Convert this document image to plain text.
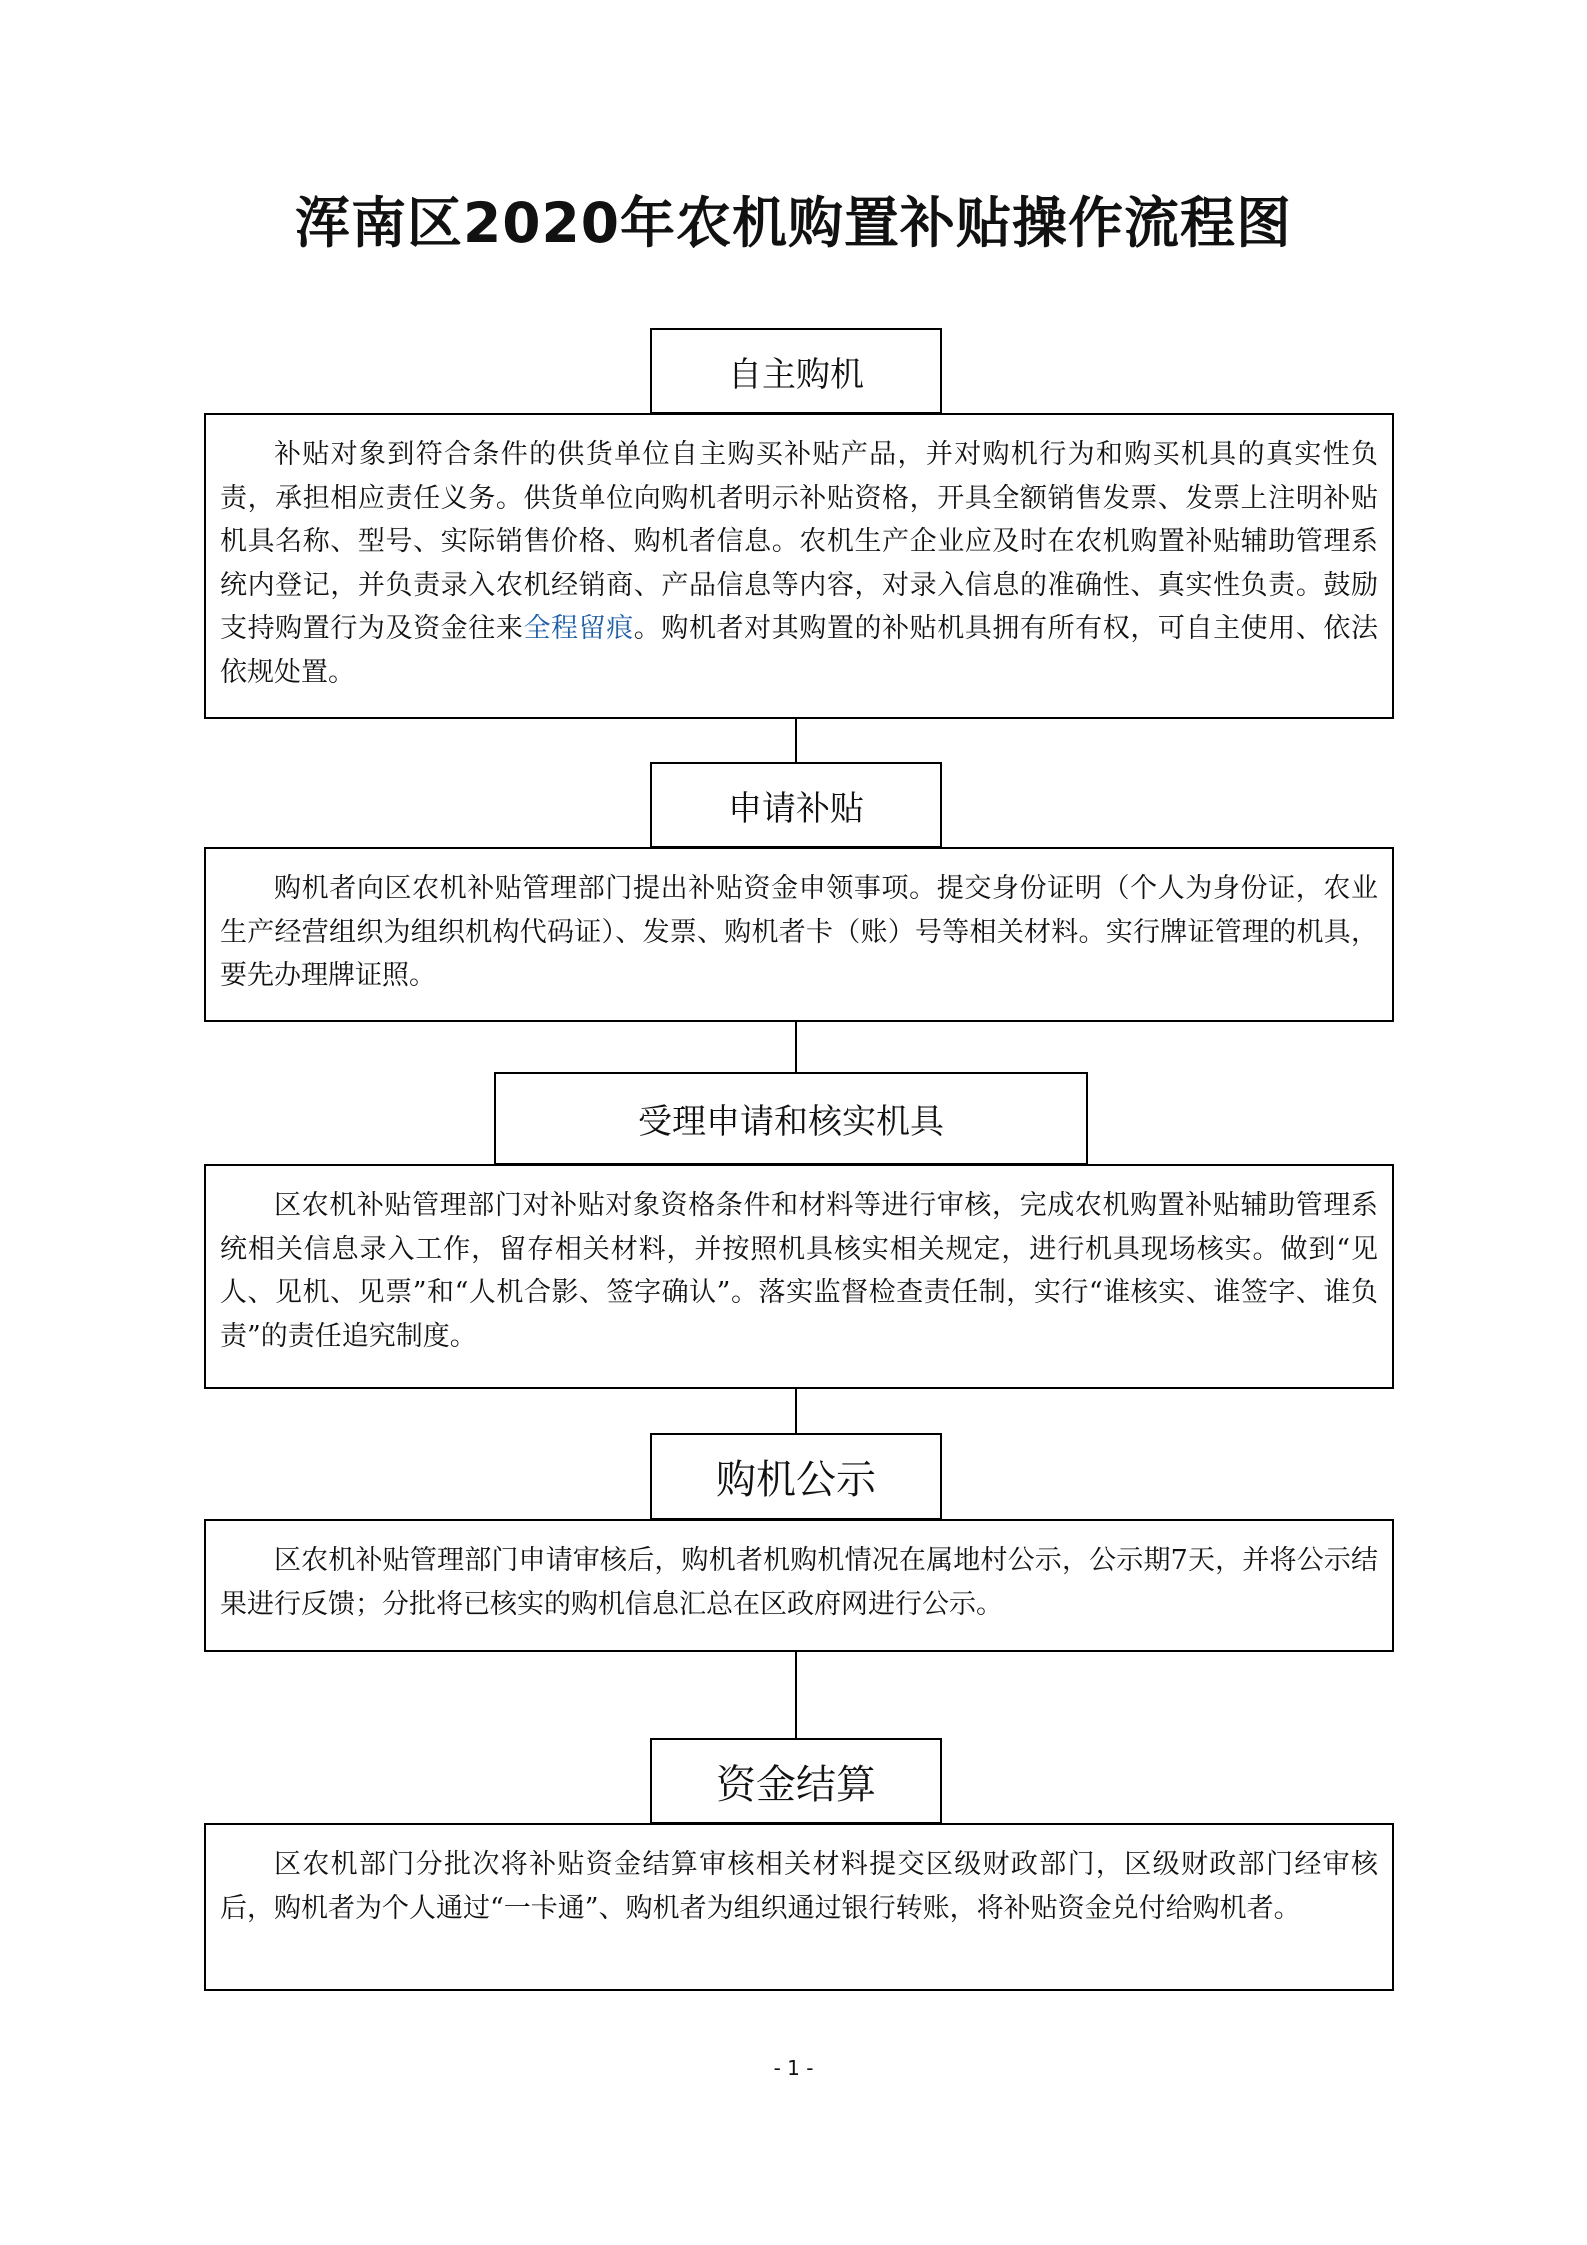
浑南区2020年农机购置补贴操作流程图
自主购机

补贴对象到符合条件的供货单位自主购买补贴产品，并对购机行为和购买机具的真实性负责，承担相应责任义务。供货单位向购机者明示补贴资格，开具全额销售发票、发票上注明补贴机具名称、型号、实际销售价格、购机者信息。农机生产企业应及时在农机购置补贴辅助管理系统内登记，并负责录入农机经销商、产品信息等内容，对录入信息的准确性、真实性负责。鼓励支持购置行为及资金往来全程留痕。购机者对其购置的补贴机具拥有所有权，可自主使用、依法依规处置。

申请补贴

购机者向区农机补贴管理部门提出补贴资金申领事项。提交身份证明（个人为身份证，农业生产经营组织为组织机构代码证）、发票、购机者卡（账）号等相关材料。实行牌证管理的机具，要先办理牌证照。

受理申请和核实机具

区农机补贴管理部门对补贴对象资格条件和材料等进行审核，完成农机购置补贴辅助管理系统相关信息录入工作，留存相关材料，并按照机具核实相关规定，进行机具现场核实。做到“见人、见机、见票”和“人机合影、签字确认”。落实监督检查责任制，实行“谁核实、谁签字、谁负责”的责任追究制度。

购机公示

区农机补贴管理部门申请审核后，购机者机购机情况在属地村公示，公示期7天，并将公示结果进行反馈；分批将已核实的购机信息汇总在区政府网进行公示。

资金结算

区农机部门分批次将补贴资金结算审核相关材料提交区级财政部门，区级财政部门经审核后，购机者为个人通过“一卡通”、购机者为组织通过银行转账，将补贴资金兑付给购机者。

- 1 -
